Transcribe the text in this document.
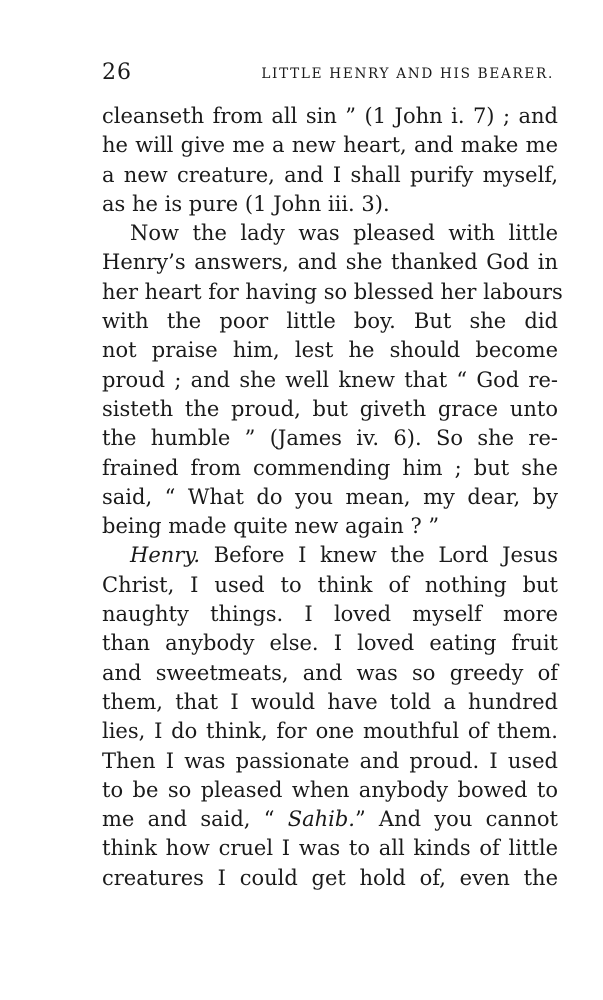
26	LITTLE HENRY AND HIS BEARER.
cleanseth from all sin ” (1 John i. 7) ; and
he will give me a new heart, and make me
a new creature, and I shall purify myself,
as he is pure (1 John iii. 3).
Now the lady was pleased with little
Henry’s answers, and she thanked God in
her heart for having so blessed her labours
with the poor little boy. But she did
not praise him, lest he should become
proud ; and she well knew that “ God re-
sisteth the proud, but giveth grace unto
the humble ” (James iv. 6). So she re-
frained from commending him ; but she
said, “ What do you mean, my dear, by
being made quite new again ? ”
Henry. Before I knew the Lord Jesus
Christ, I used to think of nothing but
naughty things. I loved myself more
than anybody else. I loved eating fruit
and sweetmeats, and was so greedy of
them, that I would have told a hundred
lies, I do think, for one mouthful of them.
Then I was passionate and proud. I used
to be so pleased when anybody bowed to
me and said, “ Sahib.” And you cannot
think how cruel I was to all kinds of little
creatures I could get hold of, even the
